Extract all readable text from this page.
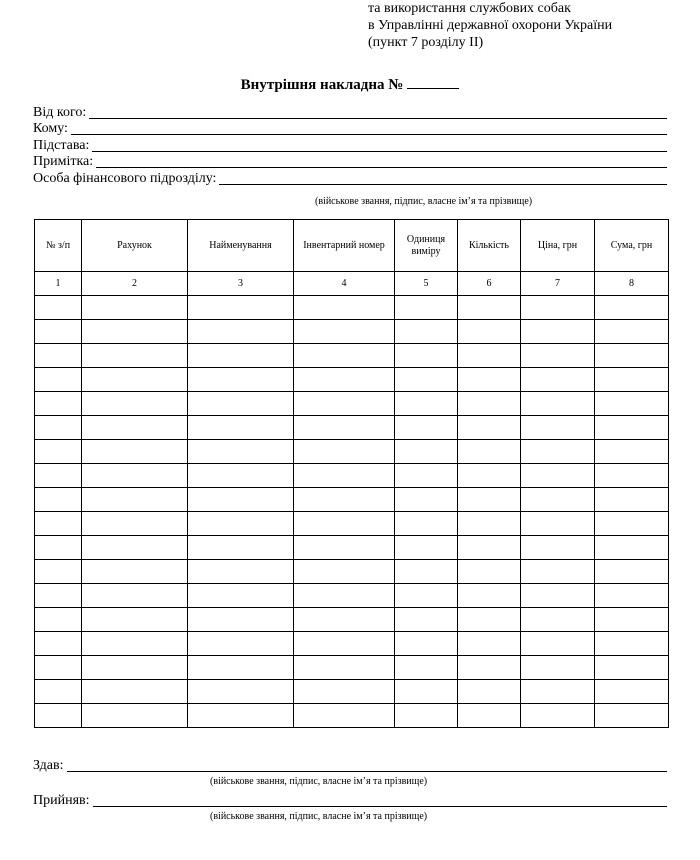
та використання службових собак
в Управлінні державної охорони України
(пункт 7 розділу ІІ)
Внутрішня накладна №
Від кого:
Кому:
Підстава:
Примітка:
Особа фінансового підрозділу:
(військове звання, підпис, власне ім’я та прізвище)
№ з/п	Рахунок	Найменування	Інвентарний номер	Одиниця виміру	Кількість	Ціна, грн	Сума, грн
1	2	3	4	5	6	7	8

Здав:
(військове звання, підпис, власне ім’я та прізвище)
Прийняв:
(військове звання, підпис, власне ім’я та прізвище)
